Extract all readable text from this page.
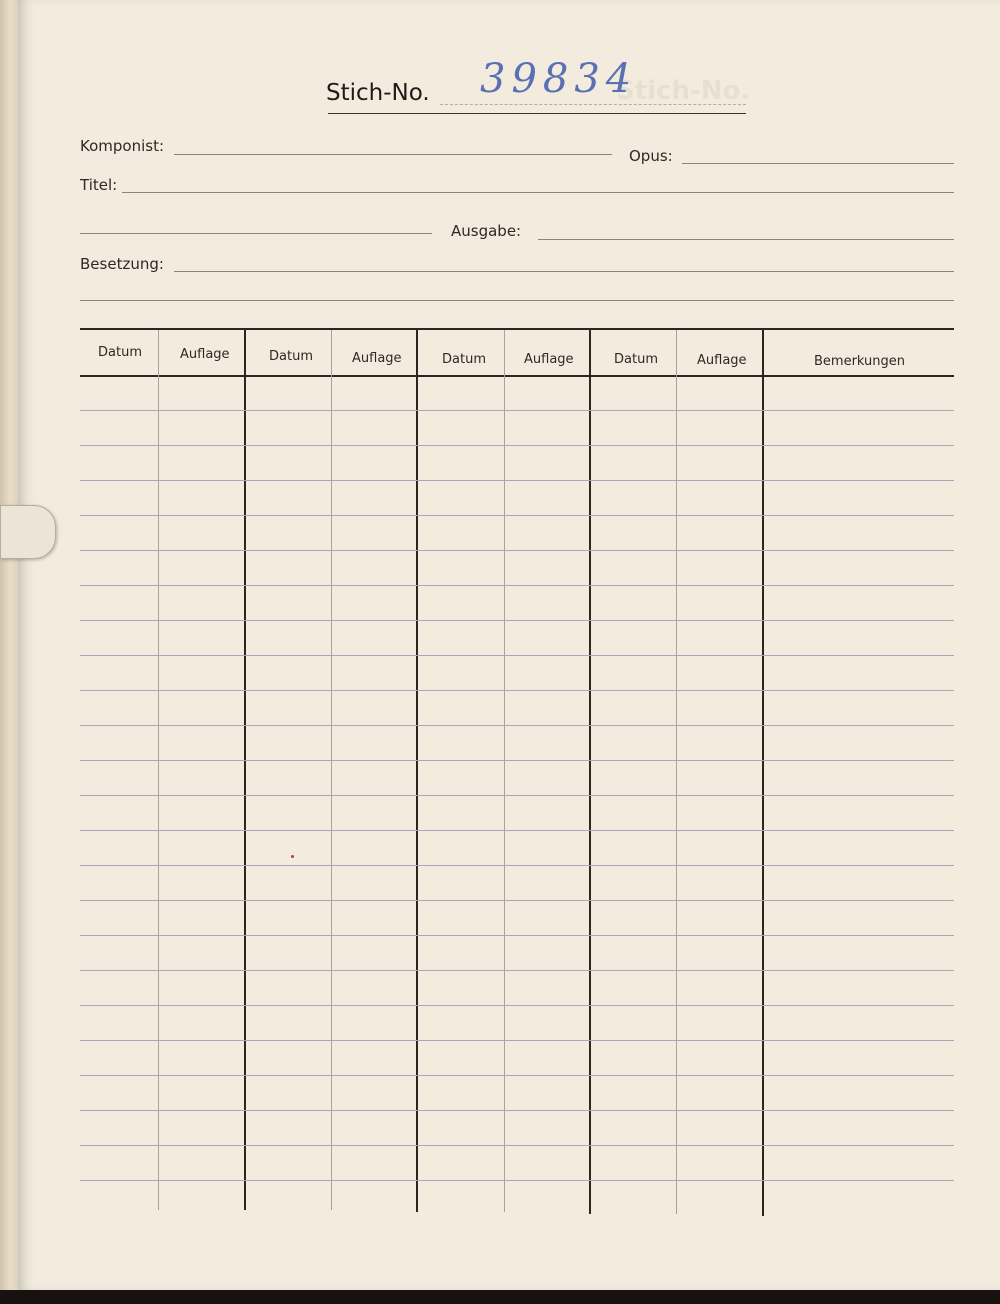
Stich-No.
Stich-No. 39834
Komponist:
Opus:
Titel:
Ausgabe:
Besetzung:
Datum	Auflage	Datum	Auflage	Datum	Auflage	Datum	Auflage	Bemerkungen
